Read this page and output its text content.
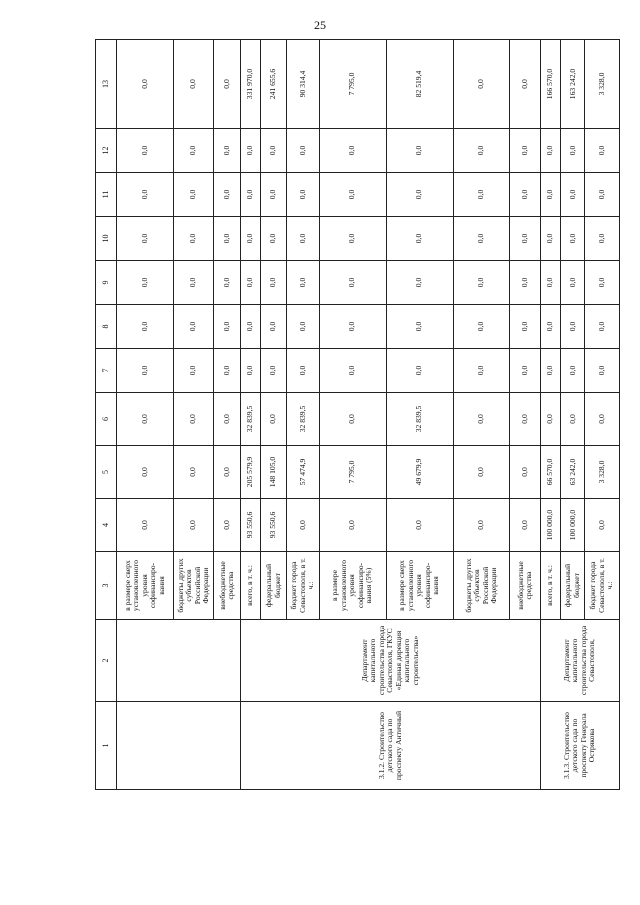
25
1	2	3	4	5	6	7	8	9	10	11	12	13
		в размере сверх установленного уровня софинансиро-вания	0,0	0,0	0,0	0,0	0,0	0,0	0,0	0,0	0,0	0,0
		бюджеты других субъектов Российской Федерации	0,0	0,0	0,0	0,0	0,0	0,0	0,0	0,0	0,0	0,0
		внебюджетные средства	0,0	0,0	0,0	0,0	0,0	0,0	0,0	0,0	0,0	0,0
3.1.2. Строительство детского сада по проспекту Античный	Департамент капитального строительства города Севастополя, ГКУС «Единая дирекция капитального строительства»	всего, в т. ч.:	93 550,6	205 579,9	32 839,5	0,0	0,0	0,0	0,0	0,0	0,0	331 970,0
		федеральный бюджет	93 550,6	148 105,0	0,0	0,0	0,0	0,0	0,0	0,0	0,0	241 655,6
		бюджет города Севастополя, в т. ч.:	0,0	57 474,9	32 839,5	0,0	0,0	0,0	0,0	0,0	0,0	90 314,4
		в размере установленного уровня софинансиро-вания (5%)	0,0	7 795,0	0,0	0,0	0,0	0,0	0,0	0,0	0,0	7 795,0
		в размере сверх установленного уровня софинансиро-вания	0,0	49 679,9	32 839,5	0,0	0,0	0,0	0,0	0,0	0,0	82 519,4
		бюджеты других субъектов Российской Федерации	0,0	0,0	0,0	0,0	0,0	0,0	0,0	0,0	0,0	0,0
		внебюджетные средства	0,0	0,0	0,0	0,0	0,0	0,0	0,0	0,0	0,0	0,0
3.1.3. Строительство детского сада по проспекту Генерала Острякова	Департамент капитального строительства города Севастополя,	всего, в т. ч.:	100 000,0	66 570,0	0,0	0,0	0,0	0,0	0,0	0,0	0,0	166 570,0
		федеральный бюджет	100 000,0	63 242,0	0,0	0,0	0,0	0,0	0,0	0,0	0,0	163 242,0
		бюджет города Севастополя, в т. ч.:	0,0	3 328,0	0,0	0,0	0,0	0,0	0,0	0,0	0,0	3 328,0
